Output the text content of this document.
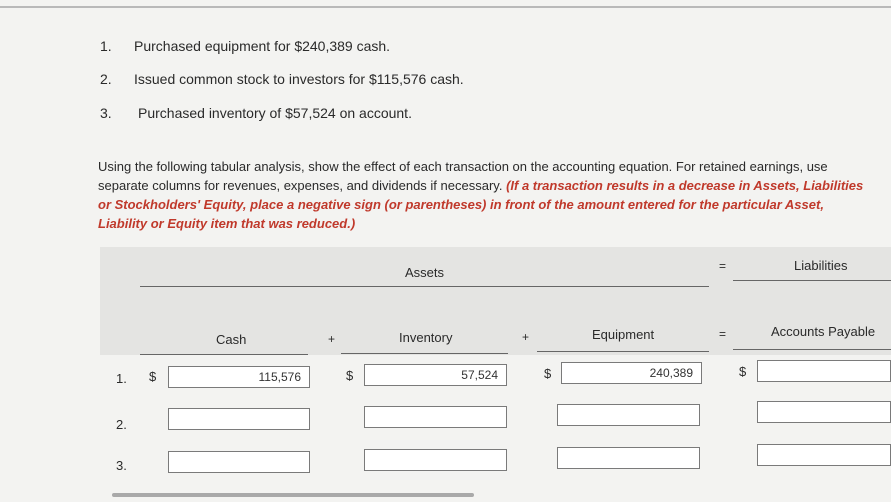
1. Purchased equipment for $240,389 cash.
2. Issued common stock to investors for $115,576 cash.
3. Purchased inventory of $57,524 on account.
Using the following tabular analysis, show the effect of each transaction on the accounting equation. For retained earnings, use separate columns for revenues, expenses, and dividends if necessary. (If a transaction results in a decrease in Assets, Liabilities or Stockholders' Equity, place a negative sign (or parentheses) in front of the amount entered for the particular Asset, Liability or Equity item that was reduced.)
Assets	=	Liabilities
Cash	+	Inventory	+	Equipment	=	Accounts Payable
1. $	115,576	$	57,524	$	240,389	$
2.
3.
